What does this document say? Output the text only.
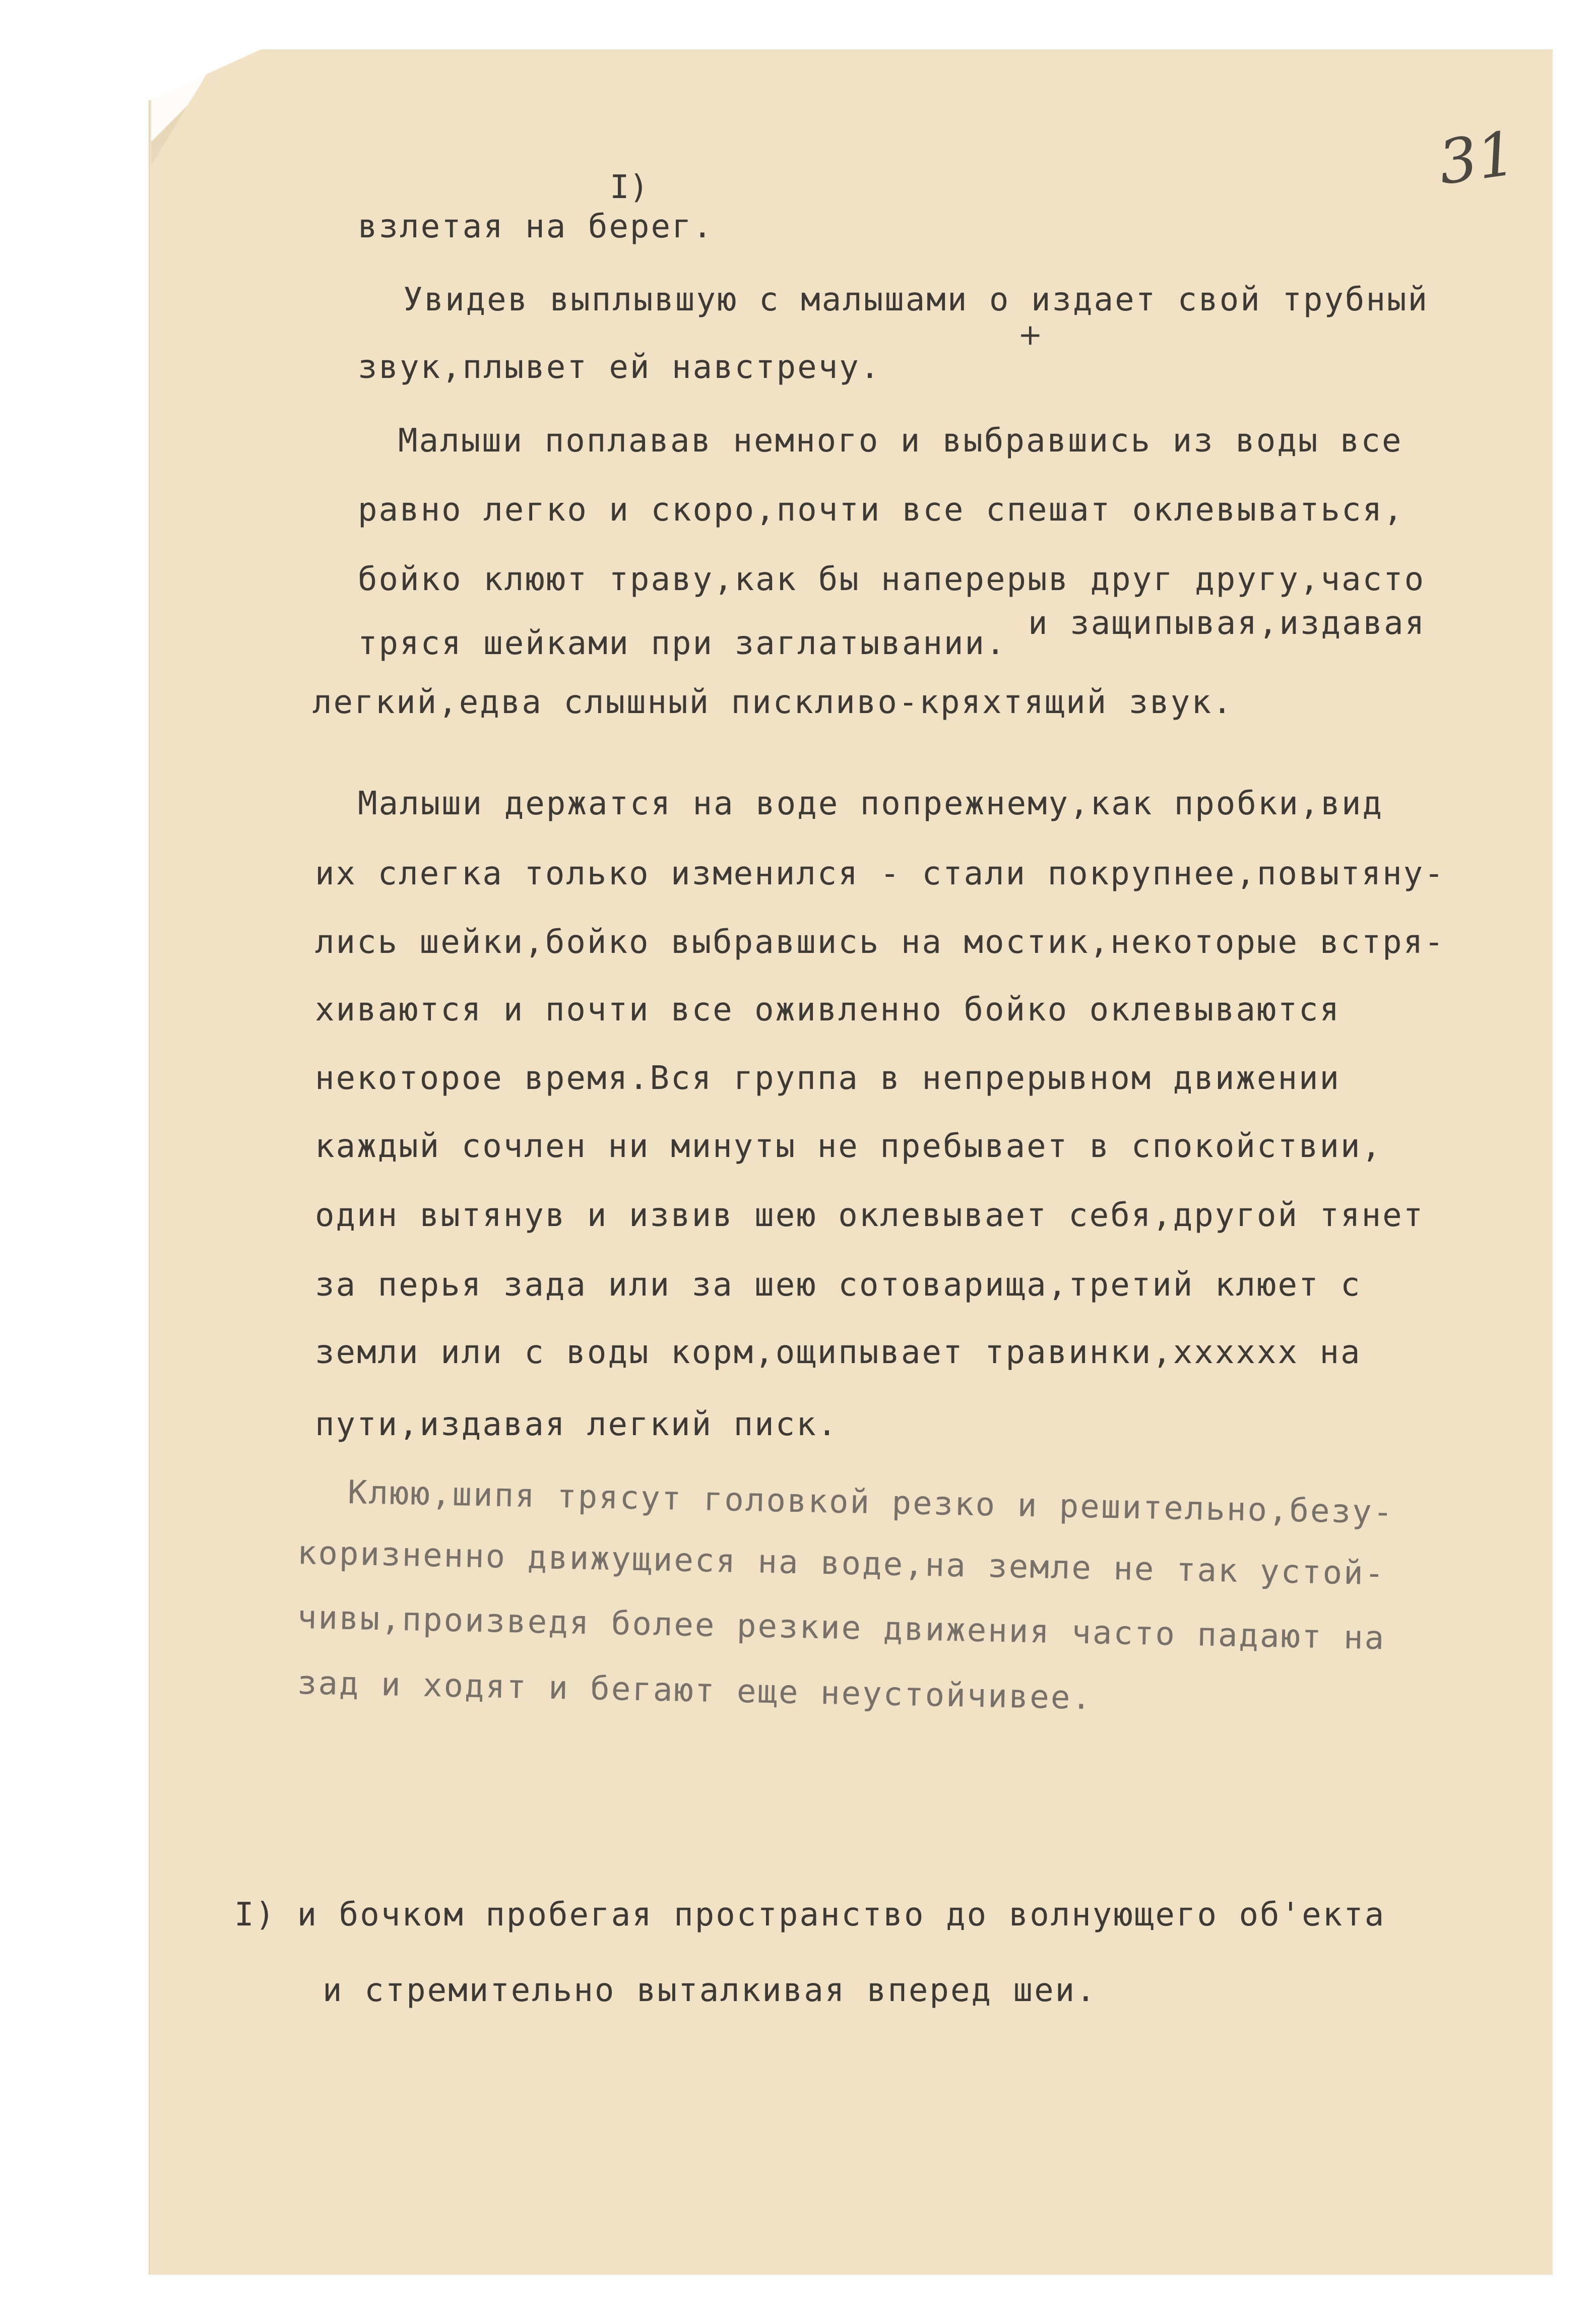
31
I)
+

взлетая на берег.

Увидев выплывшую с малышами о издает свой трубный

звук,плывет ей навстречу.

Малыши поплавав немного и выбравшись из воды все

равно легко и скоро,почти все спешат оклевываться,

бойко клюют траву,как бы наперерыв друг другу,часто

и защипывая,издавая

тряся шейками при заглатывании.

легкий,едва слышный пискливо-кряхтящий звук.

Малыши держатся на воде попрежнему,как пробки,вид

их слегка только изменился - стали покрупнее,повытяну-

лись шейки,бойко выбравшись на мостик,некоторые встря-

хиваются и почти все оживленно бойко оклевываются

некоторое время.Вся группа в непрерывном движении

каждый сочлен ни минуты не пребывает в спокойствии,

один вытянув и извив шею оклевывает себя,другой тянет

за перья зада или за шею сотоварища,третий клюет с

земли или с воды корм,ощипывает травинки,хххххх на

пути,издавая легкий писк.

Клюю,шипя трясут головкой резко и решительно,безу-

коризненно движущиеся на воде,на земле не так устой-

чивы,произведя более резкие движения часто падают на

зад и ходят и бегают еще неустойчивее.

I) и бочком пробегая пространство до волнующего об'екта

и стремительно выталкивая вперед шеи.
